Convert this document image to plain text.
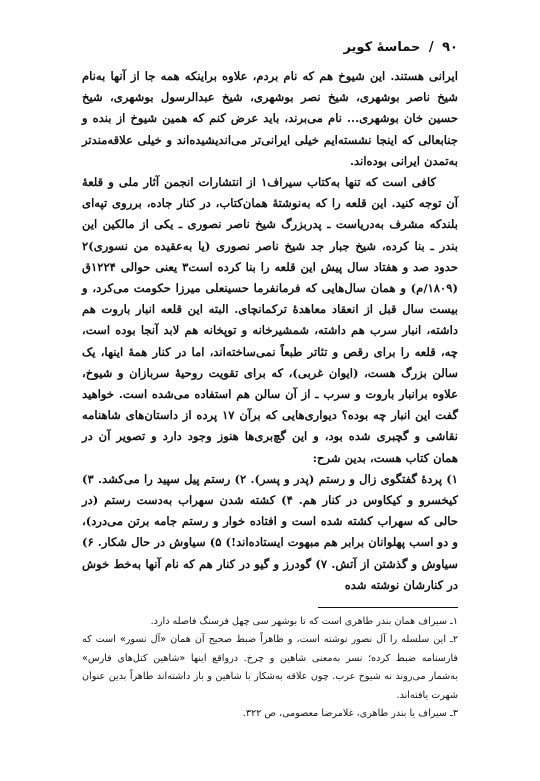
۹۰ / حماسهٔ کویر

ایرانی هستند. این شیوخ هم که نام بردم، علاوه براینکه همه جا از آنها به‌نام شیخ ناصر بوشهری، شیخ نصر بوشهری، شیخ عبدالرسول بوشهری، شیخ حسین خان بوشهری... نام می‌برند، باید عرض کنم که همین شیوخ از بنده و جنابعالی که اینجا نشسته‌ایم خیلی ایرانی‌تر می‌اندیشیده‌اند و خیلی علاقه‌مندتر به‌تمدن ایرانی بوده‌اند.

کافی است که تنها به‌کتاب سیراف۱ از انتشارات انجمن آثار ملی و قلعهٔ آن توجه کنید. این قلعه را که به‌نوشتهٔ همان‌کتاب، در کنار جاده، برروی تپه‌ای بلندکه مشرف به‌درياست ـ پدربزرگ شیخ ناصر نصوری ـ یکی از مالکین این بندر ـ بنا کرده، شیخ جبار جد شیخ ناصر نصوری (یا به‌عقیده من نسوری)۲ حدود صد و هفتاد سال پیش این قلعه را بنا کرده است۳ یعنی حوالی ۱۲۲۴ق (۱۸۰۹/م) و همان سال‌هایی که فرمانفرما حسینعلی میرزا حکومت می‌کرد، و بیست سال قبل از انعقاد معاهدهٔ ترکمانچای. البته این قلعه انبار باروت هم داشته، انبار سرب هم داشته، شمشیرخانه و توپخانه هم لابد آنجا بوده است، چه، قلعه را برای رقص و تئاتر طبعاً نمی‌ساخته‌اند، اما در کنار همهٔ اینها، یک سالن بزرگ هست، (ایوان غربی)، که برای تقویت روحیهٔ سربازان و شیوخ، علاوه برانبار باروت و سرب ـ از آن سالن هم استفاده می‌شده است. خواهید گفت این انبار چه بوده؟ دیواری‌هایی که برآن ۱۷ پرده از داستان‌های شاهنامه نقاشی و گچبری شده بود، و این گچ‌بری‌ها هنوز وجود دارد و تصویر آن در همان کتاب هست، بدین شرح:

۱) پردهٔ گفتگوی زال و رستم (پدر و پسر). ۲) رستم پیل سپید را می‌کشد. ۳) کیخسرو و کیکاوس در کنار هم. ۴) کشته شدن سهراب به‌دست رستم (در حالی که سهراب کشته شده است و افتاده خوار و رستم جامه برتن می‌درد)، و دو اسب پهلوانان برابر هم مبهوت ایستاده‌اند!) ۵) سیاوش در حال شکار. ۶) سیاوش و گذشتن از آتش. ۷) گودرز و گیو در کنار هم که نام آنها به‌خط خوش در کنارشان نوشته شده

۱ـ سیراف همان بندر طاهری است که تا بوشهر سی چهل فرسنگ فاصله دارد.

۲ـ این سلسله را آل نصور نوشته است، و ظاهراً ضبط صحیح آن همان «آل نسور» است که فارسنامه ضبط کرده؛ نسر به‌معنی شاهین و چرخ. درواقع اینها «شاهین کتل‌های فارس» به‌شمار می‌روند نه شیوخ عرب. چون علاقه به‌شکار با شاهین و باز داشته‌اند طاهراً بدین عنوان شهرت یافته‌اند.

۳ـ سیراف یا بندر طاهری، غلامرضا معصومی، ص ۳۲۲.
